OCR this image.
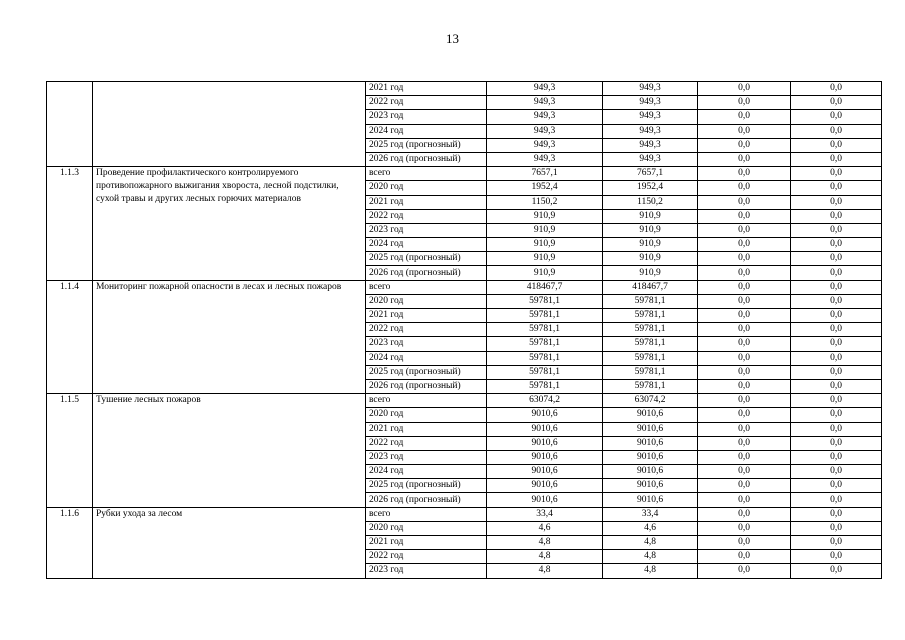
13
		2021 год	949,3	949,3	0,0	0,0
		2022 год	949,3	949,3	0,0	0,0
		2023 год	949,3	949,3	0,0	0,0
		2024 год	949,3	949,3	0,0	0,0
		2025 год (прогнозный)	949,3	949,3	0,0	0,0
		2026 год (прогнозный)	949,3	949,3	0,0	0,0
1.1.3	Проведение профилактического контролируемого противопожарного выжигания хвороста, лесной подстилки, сухой травы и других лесных горючих материалов	всего	7657,1	7657,1	0,0	0,0
		2020 год	1952,4	1952,4	0,0	0,0
		2021 год	1150,2	1150,2	0,0	0,0
		2022 год	910,9	910,9	0,0	0,0
		2023 год	910,9	910,9	0,0	0,0
		2024 год	910,9	910,9	0,0	0,0
		2025 год (прогнозный)	910,9	910,9	0,0	0,0
		2026 год (прогнозный)	910,9	910,9	0,0	0,0
1.1.4	Мониторинг пожарной опасности в лесах и лесных пожаров	всего	418467,7	418467,7	0,0	0,0
		2020 год	59781,1	59781,1	0,0	0,0
		2021 год	59781,1	59781,1	0,0	0,0
		2022 год	59781,1	59781,1	0,0	0,0
		2023 год	59781,1	59781,1	0,0	0,0
		2024 год	59781,1	59781,1	0,0	0,0
		2025 год (прогнозный)	59781,1	59781,1	0,0	0,0
		2026 год (прогнозный)	59781,1	59781,1	0,0	0,0
1.1.5	Тушение лесных пожаров	всего	63074,2	63074,2	0,0	0,0
		2020 год	9010,6	9010,6	0,0	0,0
		2021 год	9010,6	9010,6	0,0	0,0
		2022 год	9010,6	9010,6	0,0	0,0
		2023 год	9010,6	9010,6	0,0	0,0
		2024 год	9010,6	9010,6	0,0	0,0
		2025 год (прогнозный)	9010,6	9010,6	0,0	0,0
		2026 год (прогнозный)	9010,6	9010,6	0,0	0,0
1.1.6	Рубки ухода за лесом	всего	33,4	33,4	0,0	0,0
		2020 год	4,6	4,6	0,0	0,0
		2021 год	4,8	4,8	0,0	0,0
		2022 год	4,8	4,8	0,0	0,0
		2023 год	4,8	4,8	0,0	0,0
